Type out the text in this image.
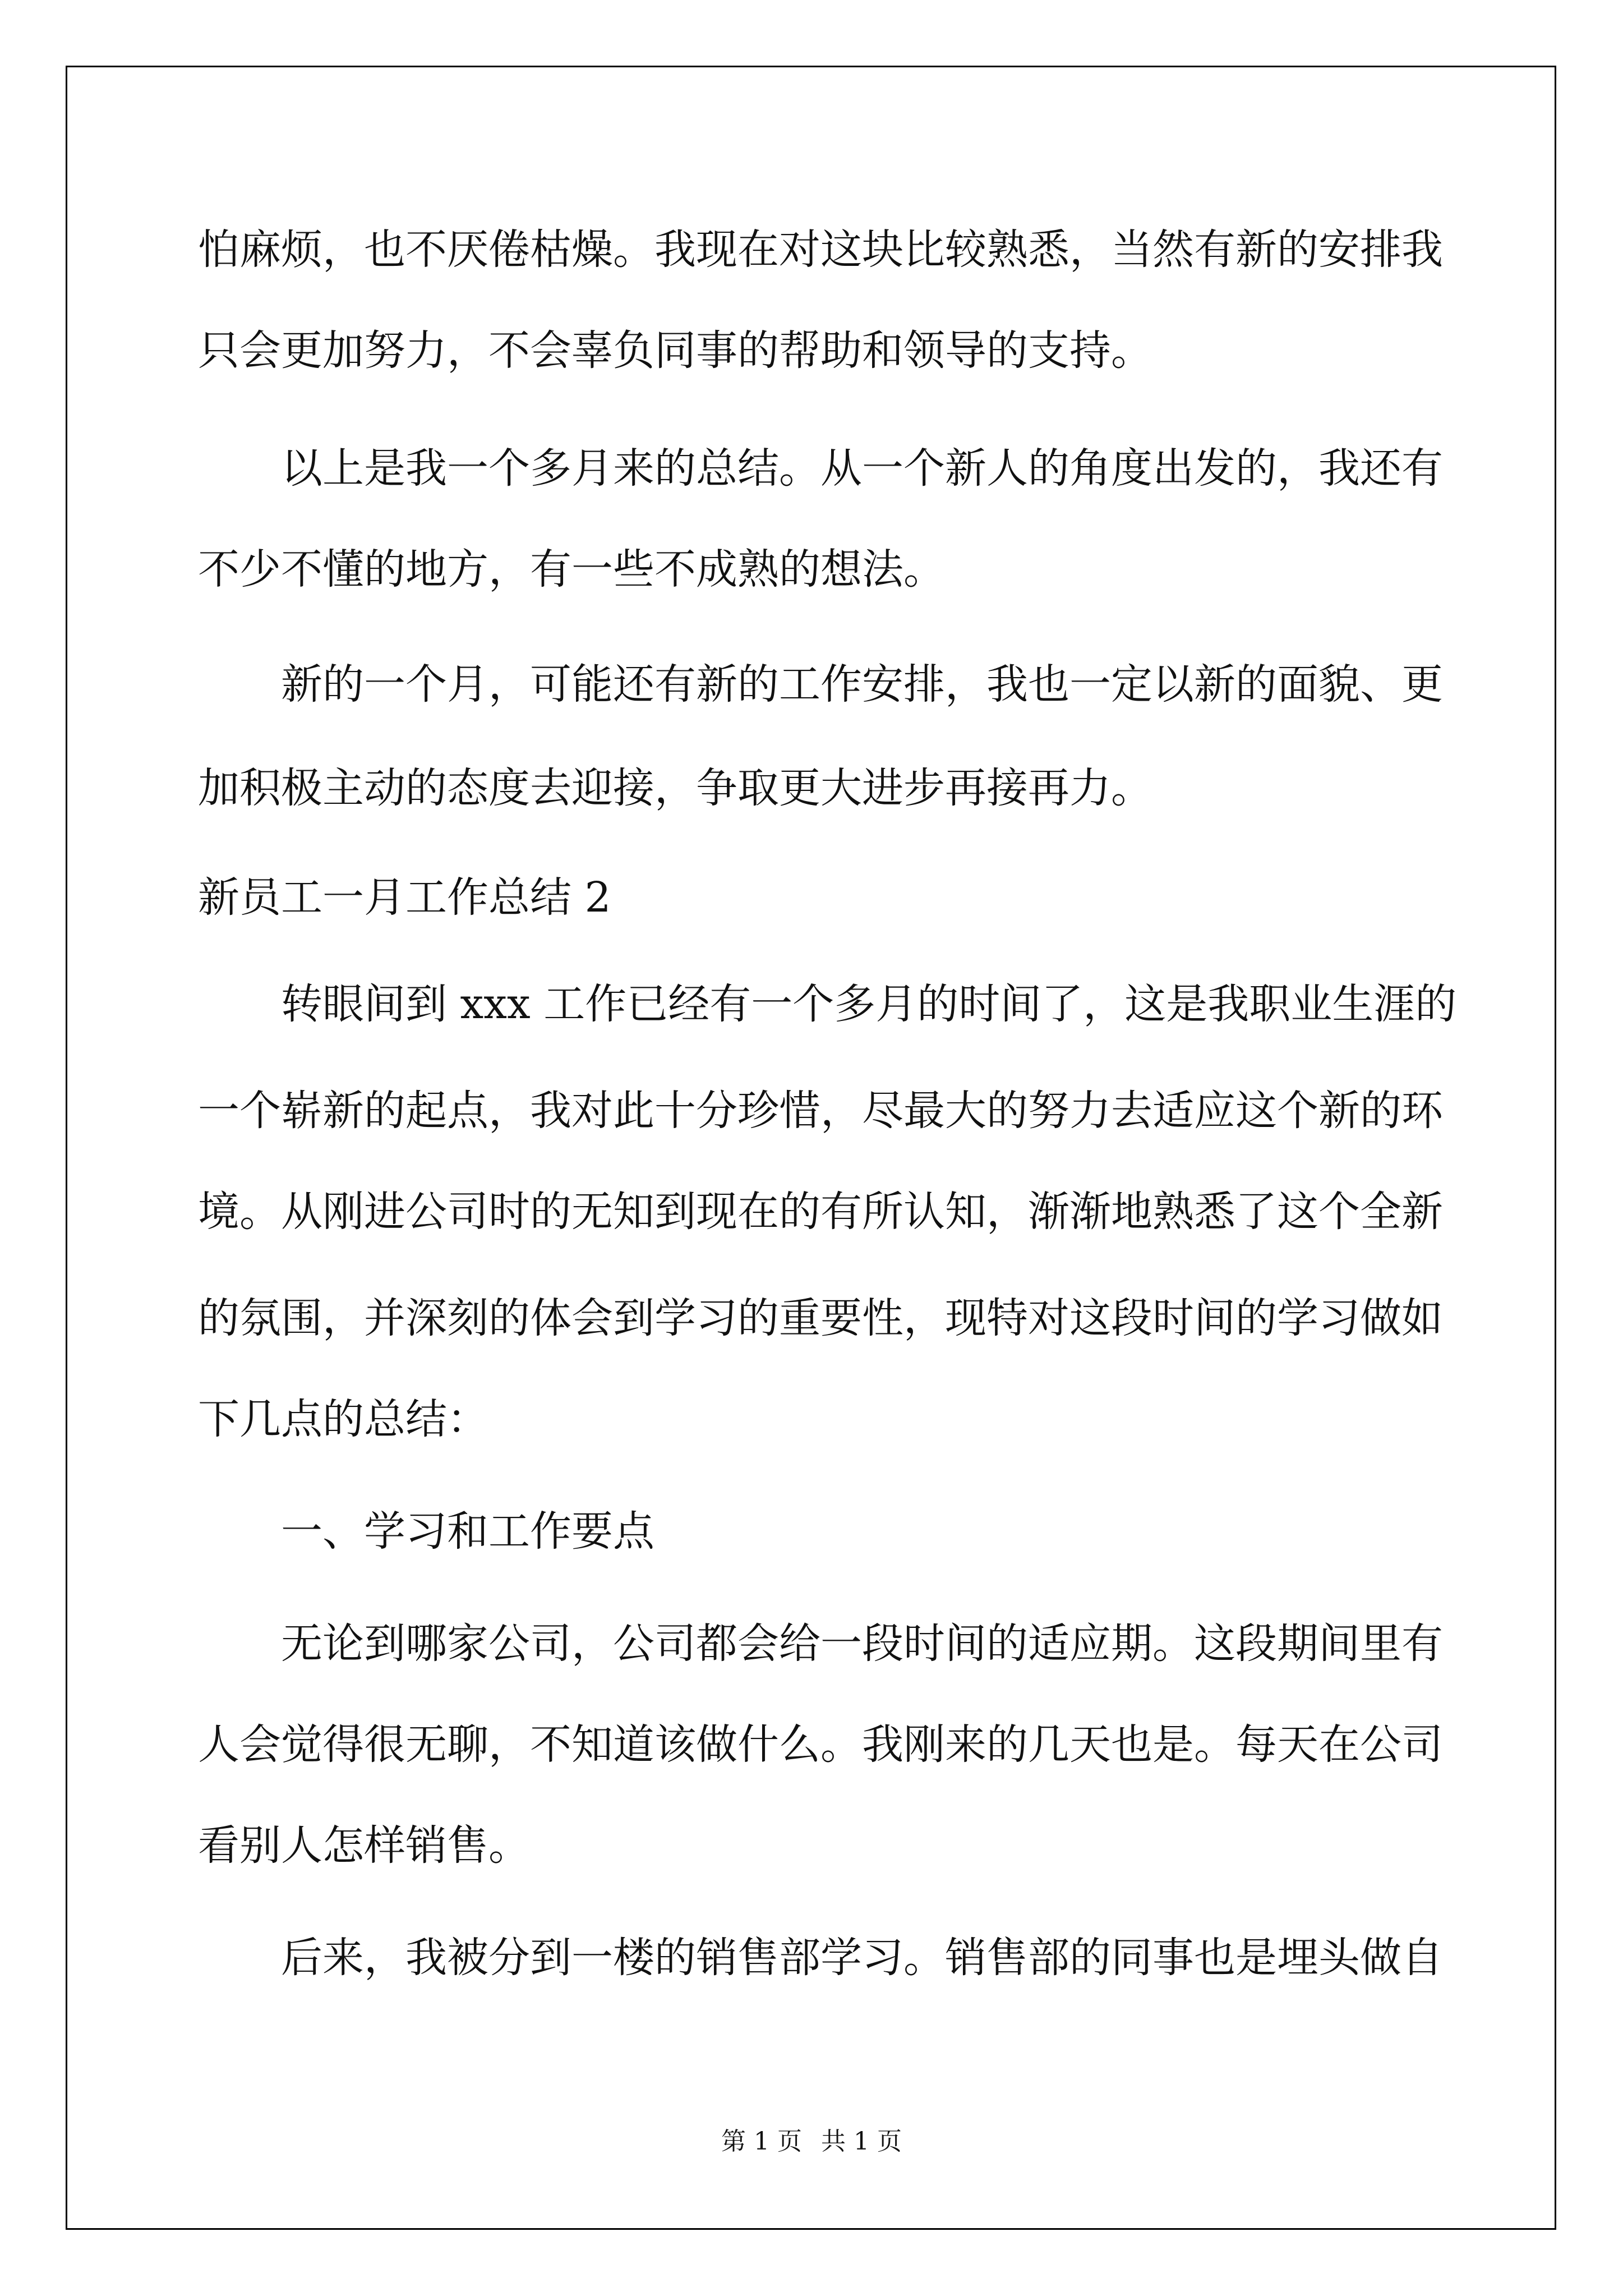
怕麻烦，也不厌倦枯燥。我现在对这块比较熟悉，当然有新的安排我
只会更加努力，不会辜负同事的帮助和领导的支持。
以上是我一个多月来的总结。从一个新人的角度出发的，我还有
不少不懂的地方，有一些不成熟的想法。
新的一个月，可能还有新的工作安排，我也一定以新的面貌、更
加积极主动的态度去迎接，争取更大进步再接再力。
新员工一月工作总结 2
转眼间到 xxx 工作已经有一个多月的时间了，这是我职业生涯的
一个崭新的起点，我对此十分珍惜，尽最大的努力去适应这个新的环
境。从刚进公司时的无知到现在的有所认知，渐渐地熟悉了这个全新
的氛围，并深刻的体会到学习的重要性，现特对这段时间的学习做如
下几点的总结：
一、学习和工作要点
无论到哪家公司，公司都会给一段时间的适应期。这段期间里有
人会觉得很无聊，不知道该做什么。我刚来的几天也是。每天在公司
看别人怎样销售。
后来，我被分到一楼的销售部学习。销售部的同事也是埋头做自
第 1 页 共 1 页
